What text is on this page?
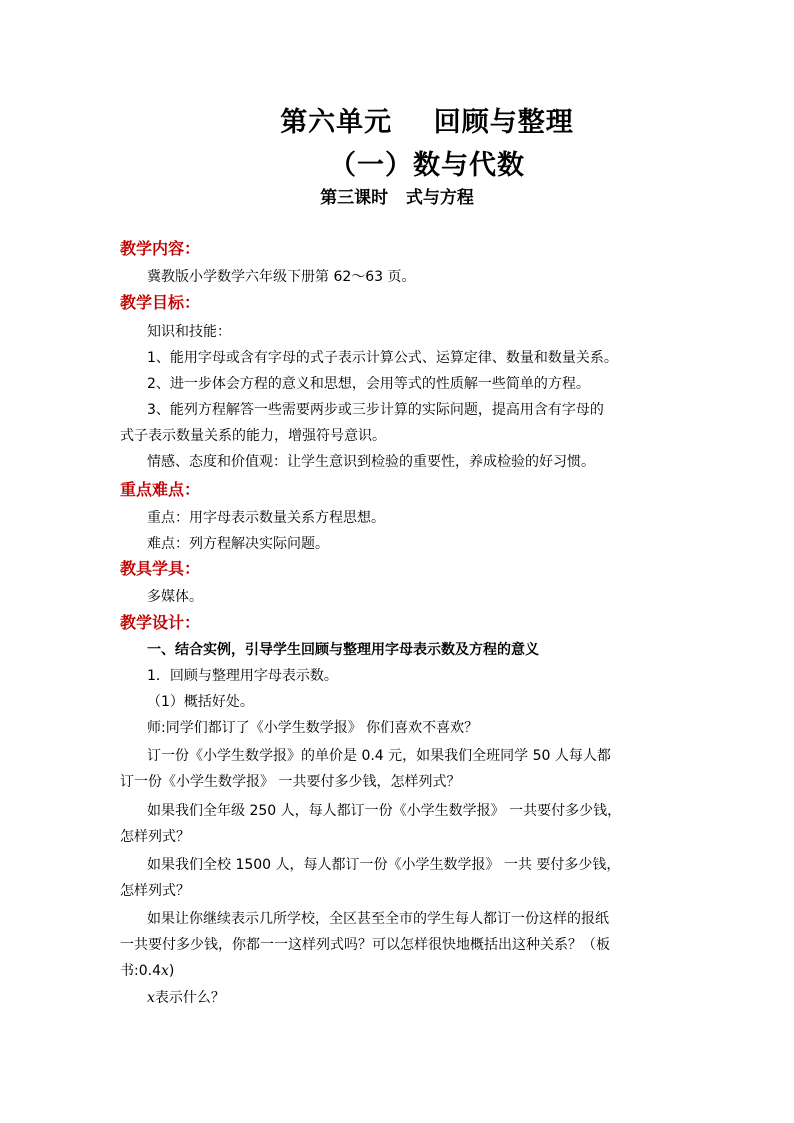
第六单元    回顾与整理
（一）数与代数
第三课时   式与方程
教学内容：
冀教版小学数学六年级下册第 62～63 页。
教学目标：
知识和技能：
1、能用字母或含有字母的式子表示计算公式、运算定律、数量和数量关系。
2、进一步体会方程的意义和思想，会用等式的性质解一些简单的方程。
3、能列方程解答一些需要两步或三步计算的实际问题，提高用含有字母的
式子表示数量关系的能力，增强符号意识。
情感、态度和价值观：让学生意识到检验的重要性，养成检验的好习惯。
重点难点：
重点：用字母表示数量关系方程思想。
难点：列方程解决实际问题。
教具学具：
多媒体。
教学设计：
一、结合实例，引导学生回顾与整理用字母表示数及方程的意义
1．回顾与整理用字母表示数。
（1）概括好处。
师:同学们都订了《小学生数学报》 你们喜欢不喜欢？
订一份《小学生数学报》的单价是 0.4 元，如果我们全班同学 50 人每人都
订一份《小学生数学报》 一共要付多少钱，怎样列式？
如果我们全年级 250 人，每人都订一份《小学生数学报》 一共要付多少钱，
怎样列式？
如果我们全校 1500 人，每人都订一份《小学生数学报》 一共 要付多少钱，
怎样列式？
如果让你继续表示几所学校，全区甚至全市的学生每人都订一份这样的报纸
一共要付多少钱，你都一一这样列式吗？可以怎样很快地概括出这种关系？（板
书:0.4x)
x表示什么？
